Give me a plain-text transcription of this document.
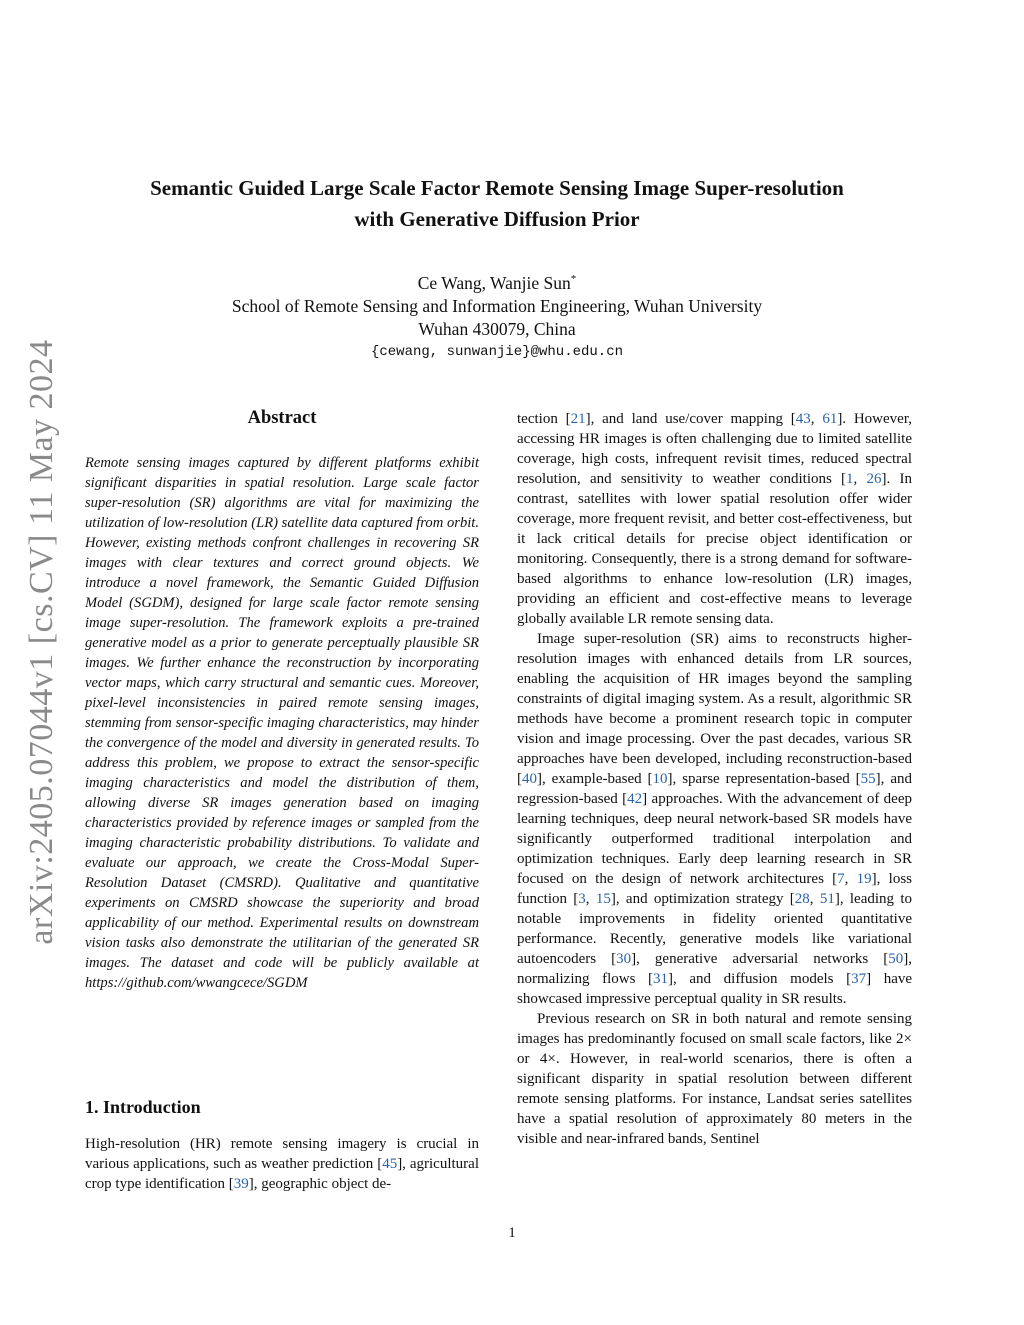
arXiv:2405.07044v1 [cs.CV] 11 May 2024
Semantic Guided Large Scale Factor Remote Sensing Image Super-resolution
with Generative Diffusion Prior
Ce Wang, Wanjie Sun*
School of Remote Sensing and Information Engineering, Wuhan University
Wuhan 430079, China
{cewang, sunwanjie}@whu.edu.cn
Abstract

Remote sensing images captured by different platforms exhibit significant disparities in spatial resolution. Large scale factor super-resolution (SR) algorithms are vital for maximizing the utilization of low-resolution (LR) satellite data captured from orbit. However, existing methods confront challenges in recovering SR images with clear textures and correct ground objects. We introduce a novel framework, the Semantic Guided Diffusion Model (SGDM), designed for large scale factor remote sensing image super-resolution. The framework exploits a pre-trained generative model as a prior to generate perceptually plausible SR images. We further enhance the reconstruction by incorporating vector maps, which carry structural and semantic cues. Moreover, pixel-level inconsistencies in paired remote sensing images, stemming from sensor-specific imaging characteristics, may hinder the convergence of the model and diversity in generated results. To address this problem, we propose to extract the sensor-specific imaging characteristics and model the distribution of them, allowing diverse SR images generation based on imaging characteristics provided by reference images or sampled from the imaging characteristic probability distributions. To validate and evaluate our approach, we create the Cross-Modal Super-Resolution Dataset (CMSRD). Qualitative and quantitative experiments on CMSRD showcase the superiority and broad applicability of our method. Experimental results on downstream vision tasks also demonstrate the utilitarian of the generated SR images. The dataset and code will be publicly available at https://github.com/wwangcece/SGDM

1. Introduction

High-resolution (HR) remote sensing imagery is crucial in various applications, such as weather prediction [45], agricultural crop type identification [39], geographic object de-

tection [21], and land use/cover mapping [43, 61]. However, accessing HR images is often challenging due to limited satellite coverage, high costs, infrequent revisit times, reduced spectral resolution, and sensitivity to weather conditions [1, 26]. In contrast, satellites with lower spatial resolution offer wider coverage, more frequent revisit, and better cost-effectiveness, but it lack critical details for precise object identification or monitoring. Consequently, there is a strong demand for software-based algorithms to enhance low-resolution (LR) images, providing an efficient and cost-effective means to leverage globally available LR remote sensing data.

Image super-resolution (SR) aims to reconstructs higher-resolution images with enhanced details from LR sources, enabling the acquisition of HR images beyond the sampling constraints of digital imaging system. As a result, algorithmic SR methods have become a prominent research topic in computer vision and image processing. Over the past decades, various SR approaches have been developed, including reconstruction-based [40], example-based [10], sparse representation-based [55], and regression-based [42] approaches. With the advancement of deep learning techniques, deep neural network-based SR models have significantly outperformed traditional interpolation and optimization techniques. Early deep learning research in SR focused on the design of network architectures [7, 19], loss function [3, 15], and optimization strategy [28, 51], leading to notable improvements in fidelity oriented quantitative performance. Recently, generative models like variational autoencoders [30], generative adversarial networks [50], normalizing flows [31], and diffusion models [37] have showcased impressive perceptual quality in SR results.

Previous research on SR in both natural and remote sensing images has predominantly focused on small scale factors, like 2× or 4×. However, in real-world scenarios, there is often a significant disparity in spatial resolution between different remote sensing platforms. For instance, Landsat series satellites have a spatial resolution of approximately 80 meters in the visible and near-infrared bands, Sentinel

1
